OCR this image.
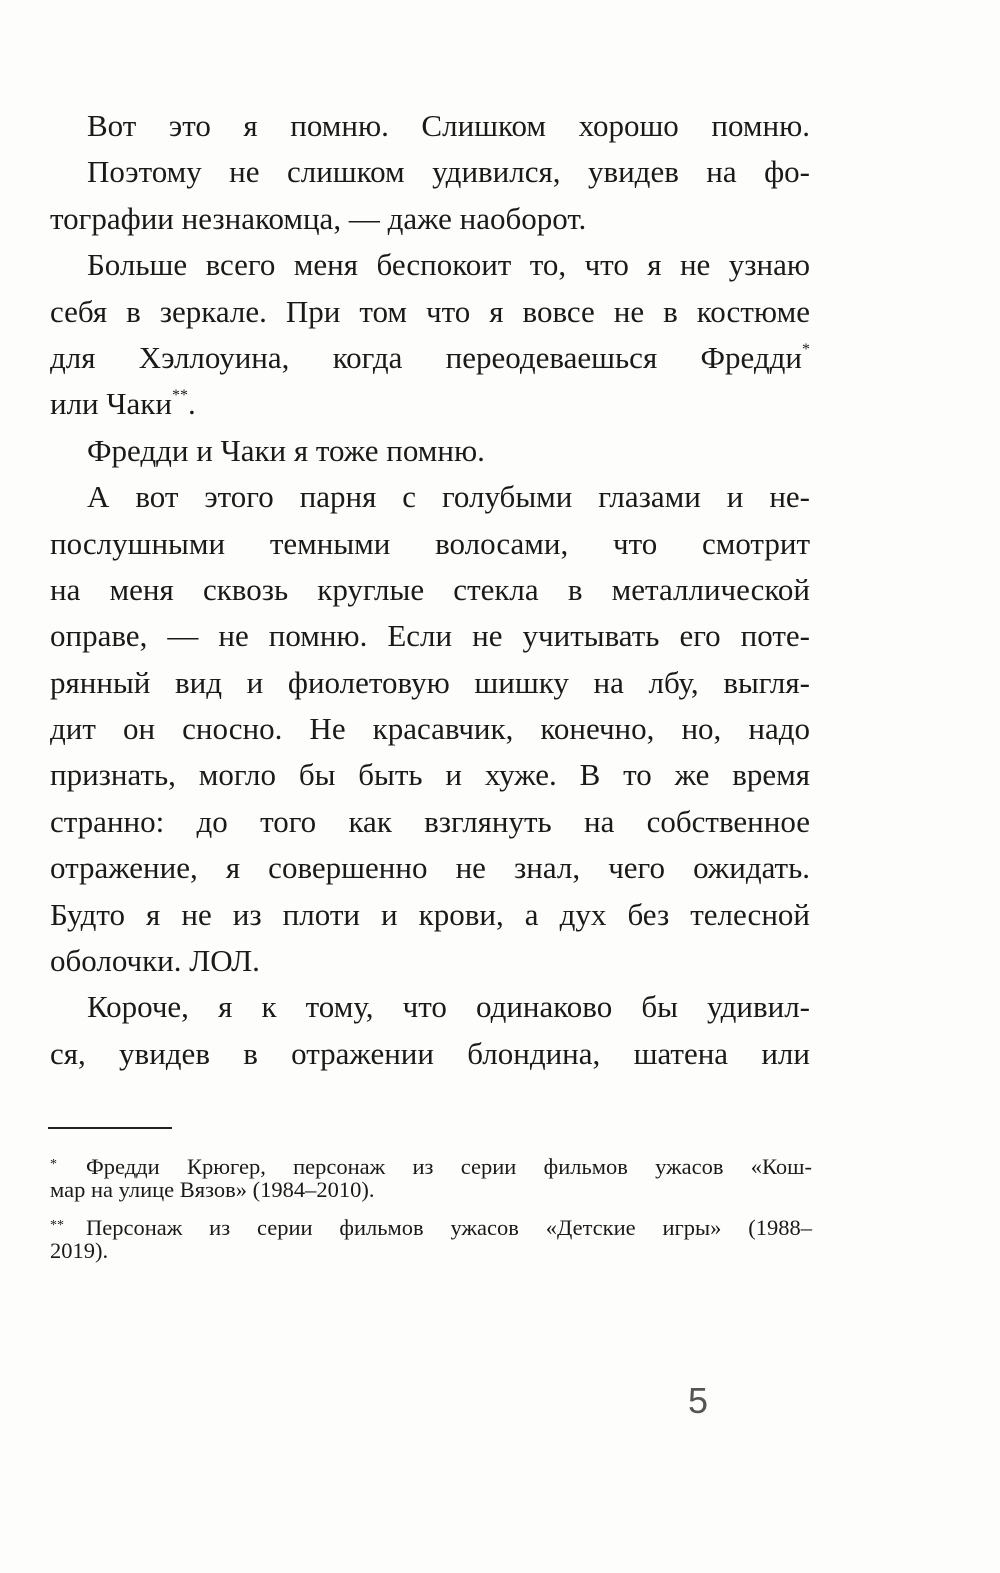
Вот это я помню. Слишком хорошо помню.
Поэтому не слишком удивился, увидев на фо-
тографии незнакомца, — даже наоборот.
Больше всего меня беспокоит то, что я не узнаю
себя в зеркале. При том что я вовсе не в костюме
для Хэллоуина, когда переодеваешься Фредди*
или Чаки**.
Фредди и Чаки я тоже помню.
А вот этого парня с голубыми глазами и не-
послушными темными волосами, что смотрит
на меня сквозь круглые стекла в металлической
оправе, — не помню. Если не учитывать его поте-
рянный вид и фиолетовую шишку на лбу, выгля-
дит он сносно. Не красавчик, конечно, но, надо
признать, могло бы быть и хуже. В то же время
странно: до того как взглянуть на собственное
отражение, я совершенно не знал, чего ожидать.
Будто я не из плоти и крови, а дух без телесной
оболочки. ЛОЛ.
Короче, я к тому, что одинаково бы удивил-
ся, увидев в отражении блондина, шатена или
* Фредди Крюгер, персонаж из серии фильмов ужасов «Кош-
мар на улице Вязов» (1984–2010).
** Персонаж из серии фильмов ужасов «Детские игры» (1988–
2019).
5
